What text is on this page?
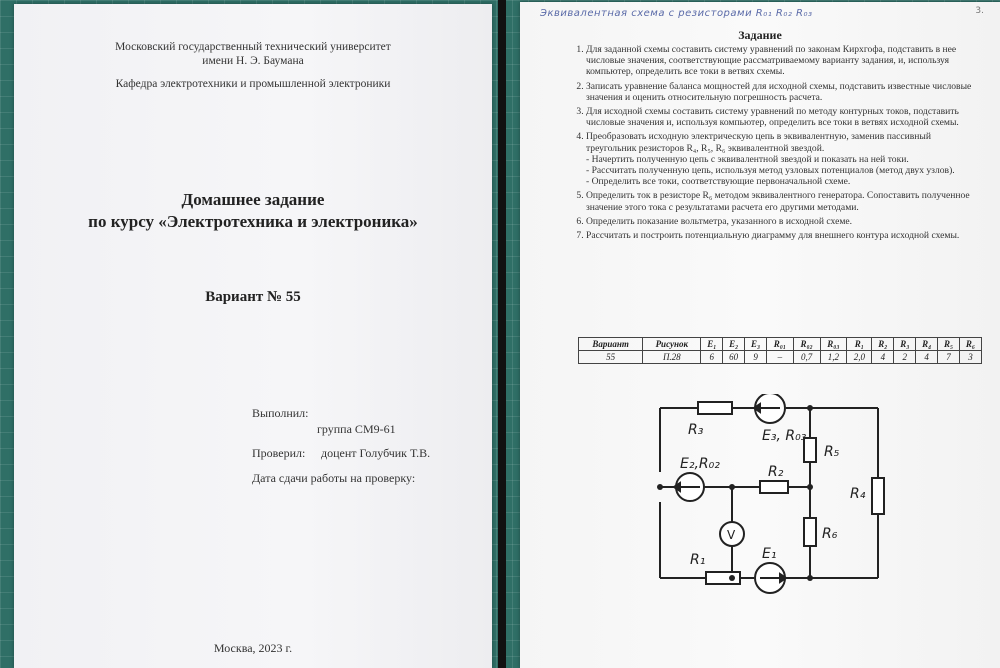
Московский государственный технический университет
имени Н. Э. Баумана
Кафедра электротехники и промышленной электроники
Домашнее задание
по курсу «Электротехника и электроника»
Вариант № 55
Выполнил:
группа СМ9-61
Проверил: доцент Голубчик Т.В.
Дата сдачи работы на проверку:
Москва, 2023 г.
Эквивалентная схема с резисторами R₀₁ R₀₂ R₀₃	3.
Задание
1. Для заданной схемы составить систему уравнений по законам Кирхгофа, подставить в нее числовые значения, соответствующие рассматриваемому варианту задания, и, используя компьютер, определить все токи в ветвях схемы.
2. Записать уравнение баланса мощностей для исходной схемы, подставить известные числовые значения и оценить относительную погрешность расчета.
3. Для исходной схемы составить систему уравнений по методу контурных токов, подставить числовые значения и, используя компьютер, определить все токи в ветвях исходной схемы.
4. Преобразовать исходную электрическую цепь в эквивалентную, заменив пассивный треугольник резисторов R₄, R₅, R₆ эквивалентной звездой.
- Начертить полученную цепь с эквивалентной звездой и показать на ней токи.
- Рассчитать полученную цепь, используя метод узловых потенциалов (метод двух узлов).
- Определить все токи, соответствующие первоначальной схеме.
5. Определить ток в резисторе R₆ методом эквивалентного генератора. Сопоставить полученное значение этого тока с результатами расчета его другими методами.
6. Определить показание вольтметра, указанного в исходной схеме.
7. Рассчитать и построить потенциальную диаграмму для внешнего контура исходной схемы.
Вариант	Рисунок	E₁	E₂	E₃	R₀₁	R₀₂	R₀₃	R₁	R₂	R₃	R₄	R₅	R₆
55	П.28	6	60	9	–	0,7	1,2	2,0	4	2	4	7	3
R₃	E₃, R₀₃
R₅
E₂,R₀₂	R₂
R₄
V	R₆
R₁	E₁
